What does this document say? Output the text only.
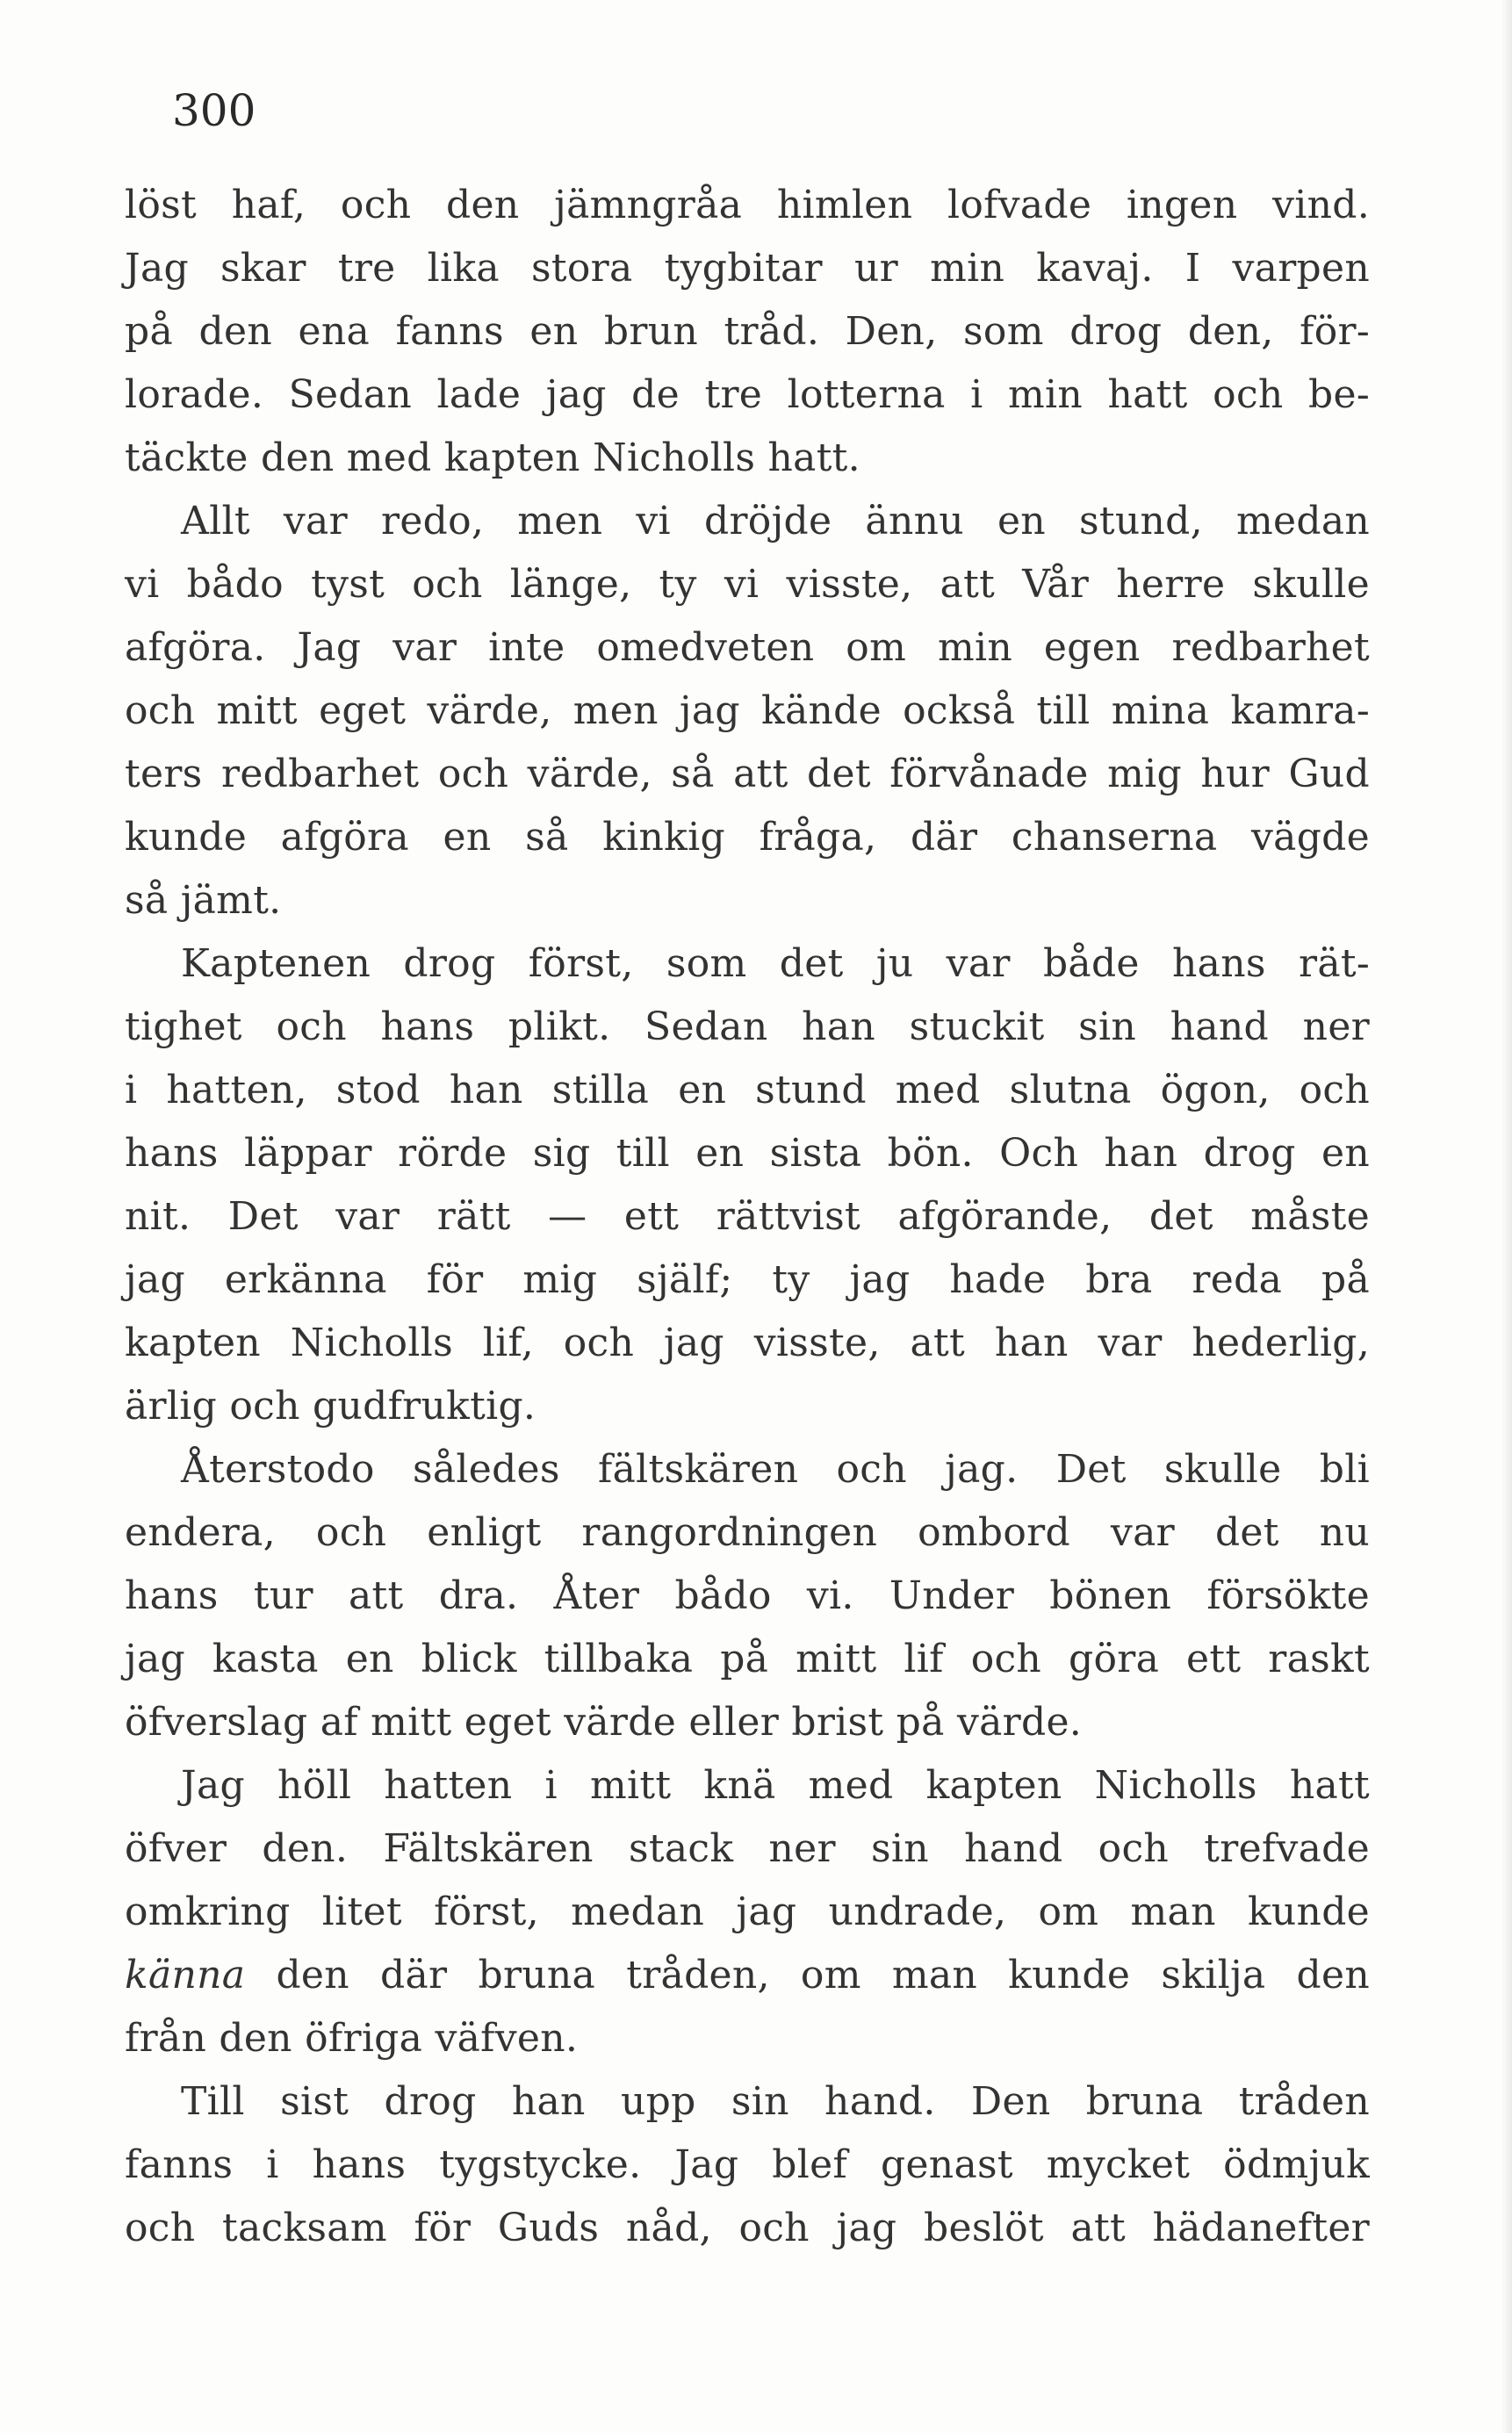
300

löst haf, och den jämngråa himlen lofvade ingen vind.
Jag skar tre lika stora tygbitar ur min kavaj. I varpen
på den ena fanns en brun tråd. Den, som drog den, för-
lorade. Sedan lade jag de tre lotterna i min hatt och be-
täckte den med kapten Nicholls hatt.
Allt var redo, men vi dröjde ännu en stund, medan
vi bådo tyst och länge, ty vi visste, att Vår herre skulle
afgöra. Jag var inte omedveten om min egen redbarhet
och mitt eget värde, men jag kände också till mina kamra-
ters redbarhet och värde, så att det förvånade mig hur Gud
kunde afgöra en så kinkig fråga, där chanserna vägde
så jämt.
Kaptenen drog först, som det ju var både hans rät-
tighet och hans plikt. Sedan han stuckit sin hand ner
i hatten, stod han stilla en stund med slutna ögon, och
hans läppar rörde sig till en sista bön. Och han drog en
nit. Det var rätt — ett rättvist afgörande, det måste
jag erkänna för mig själf; ty jag hade bra reda på
kapten Nicholls lif, och jag visste, att han var hederlig,
ärlig och gudfruktig.
Återstodo således fältskären och jag. Det skulle bli
endera, och enligt rangordningen ombord var det nu
hans tur att dra. Åter bådo vi. Under bönen försökte
jag kasta en blick tillbaka på mitt lif och göra ett raskt
öfverslag af mitt eget värde eller brist på värde.
Jag höll hatten i mitt knä med kapten Nicholls hatt
öfver den. Fältskären stack ner sin hand och trefvade
omkring litet först, medan jag undrade, om man kunde
känna den där bruna tråden, om man kunde skilja den
från den öfriga väfven.
Till sist drog han upp sin hand. Den bruna tråden
fanns i hans tygstycke. Jag blef genast mycket ödmjuk
och tacksam för Guds nåd, och jag beslöt att hädanefter
